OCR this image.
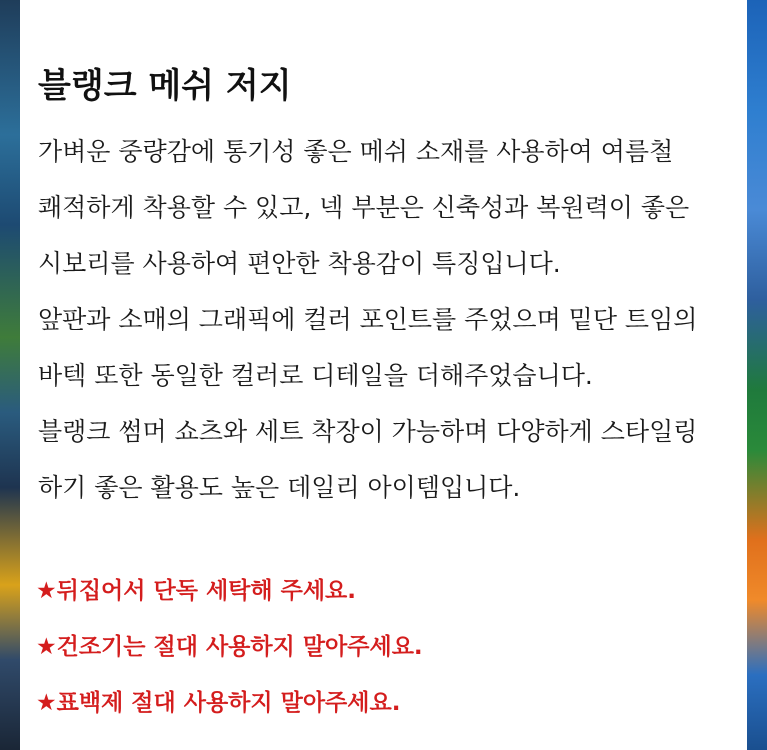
블랭크 메쉬 저지
가벼운 중량감에 통기성 좋은 메쉬 소재를 사용하여 여름철
쾌적하게 착용할 수 있고, 넥 부분은 신축성과 복원력이 좋은
시보리를 사용하여 편안한 착용감이 특징입니다.
앞판과 소매의 그래픽에 컬러 포인트를 주었으며 밑단 트임의
바텍 또한 동일한 컬러로 디테일을 더해주었습니다.
블랭크 썸머 쇼츠와 세트 착장이 가능하며 다양하게 스타일링
하기 좋은 활용도 높은 데일리 아이템입니다.
★뒤집어서 단독 세탁해 주세요.
★건조기는 절대 사용하지 말아주세요.
★표백제 절대 사용하지 말아주세요.
